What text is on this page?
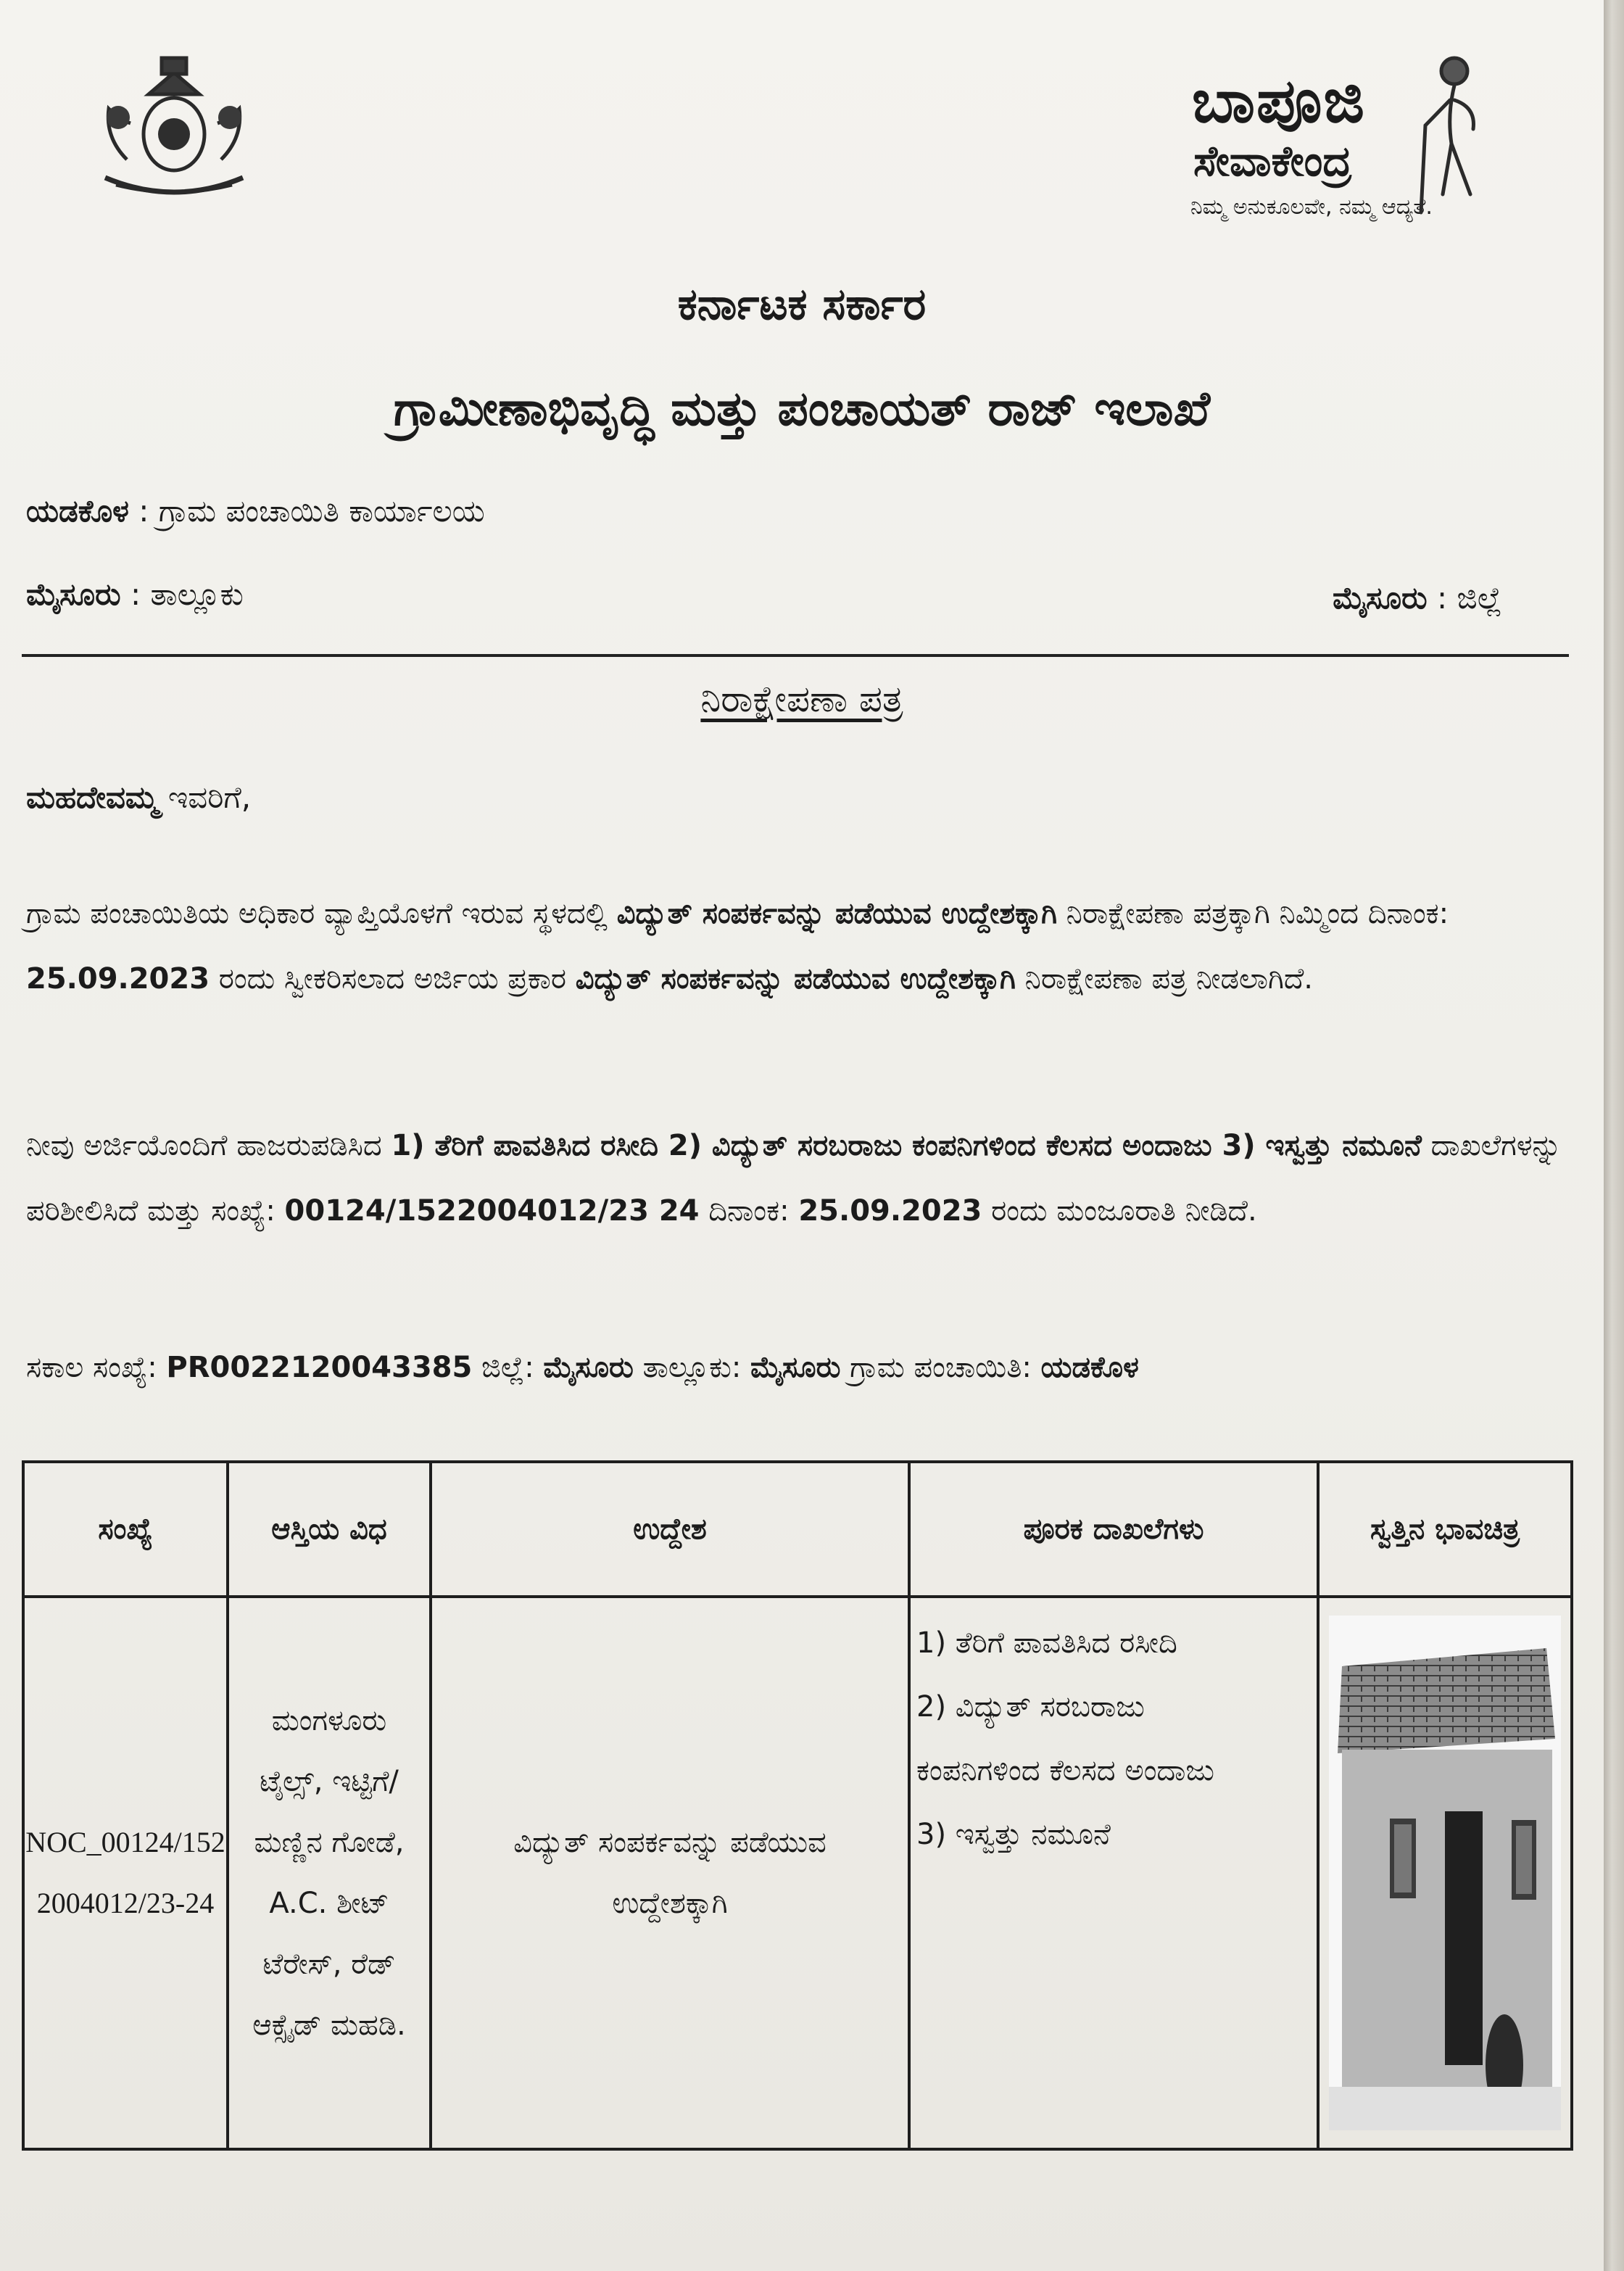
ಬಾಪೂಜಿ
ಸೇವಾಕೇಂದ್ರ
ನಿಮ್ಮ ಅನುಕೂಲವೇ, ನಮ್ಮ ಆದ್ಯತೆ.
ಕರ್ನಾಟಕ ಸರ್ಕಾರ
ಗ್ರಾಮೀಣಾಭಿವೃದ್ಧಿ ಮತ್ತು ಪಂಚಾಯತ್ ರಾಜ್ ಇಲಾಖೆ
ಯಡಕೊಳ : ಗ್ರಾಮ ಪಂಚಾಯಿತಿ ಕಾರ್ಯಾಲಯ
ಮೈಸೂರು : ತಾಲ್ಲೂಕು	ಮೈಸೂರು : ಜಿಲ್ಲೆ
ನಿರಾಕ್ಷೇಪಣಾ ಪತ್ರ
ಮಹದೇವಮ್ಮ ಇವರಿಗೆ,
ಗ್ರಾಮ ಪಂಚಾಯಿತಿಯ ಅಧಿಕಾರ ವ್ಯಾಪ್ತಿಯೊಳಗೆ ಇರುವ ಸ್ಥಳದಲ್ಲಿ ವಿದ್ಯುತ್ ಸಂಪರ್ಕವನ್ನು ಪಡೆಯುವ ಉದ್ದೇಶಕ್ಕಾಗಿ ನಿರಾಕ್ಷೇಪಣಾ ಪತ್ರಕ್ಕಾಗಿ ನಿಮ್ಮಿಂದ ದಿನಾಂಕ: 25.09.2023 ರಂದು ಸ್ವೀಕರಿಸಲಾದ ಅರ್ಜಿಯ ಪ್ರಕಾರ ವಿದ್ಯುತ್ ಸಂಪರ್ಕವನ್ನು ಪಡೆಯುವ ಉದ್ದೇಶಕ್ಕಾಗಿ ನಿರಾಕ್ಷೇಪಣಾ ಪತ್ರ ನೀಡಲಾಗಿದೆ.
ನೀವು ಅರ್ಜಿಯೊಂದಿಗೆ ಹಾಜರುಪಡಿಸಿದ 1) ತೆರಿಗೆ ಪಾವತಿಸಿದ ರಸೀದಿ 2) ವಿದ್ಯುತ್ ಸರಬರಾಜು ಕಂಪನಿಗಳಿಂದ ಕೆಲಸದ ಅಂದಾಜು 3) ಇಸ್ವತ್ತು ನಮೂನೆ ದಾಖಲೆಗಳನ್ನು ಪರಿಶೀಲಿಸಿದೆ ಮತ್ತು ಸಂಖ್ಯೆ: 00124/1522004012/23 24 ದಿನಾಂಕ: 25.09.2023 ರಂದು ಮಂಜೂರಾತಿ ನೀಡಿದೆ.
ಸಕಾಲ ಸಂಖ್ಯೆ: PR0022120043385 ಜಿಲ್ಲೆ: ಮೈಸೂರು ತಾಲ್ಲೂಕು: ಮೈಸೂರು ಗ್ರಾಮ ಪಂಚಾಯಿತಿ: ಯಡಕೊಳ
ಸಂಖ್ಯೆ	ಆಸ್ತಿಯ ವಿಧ	ಉದ್ದೇಶ	ಪೂರಕ ದಾಖಲೆಗಳು	ಸ್ವತ್ತಿನ ಭಾವಚಿತ್ರ
NOC_00124/1522004012/23-24	ಮಂಗಳೂರು ಟೈಲ್ಸ್, ಇಟ್ಟಿಗೆ/ ಮಣ್ಣಿನ ಗೋಡೆ, A.C. ಶೀಟ್ ಟೆರೇಸ್, ರೆಡ್ ಆಕ್ಸೈಡ್ ಮಹಡಿ.	ವಿದ್ಯುತ್ ಸಂಪರ್ಕವನ್ನು ಪಡೆಯುವ ಉದ್ದೇಶಕ್ಕಾಗಿ	1) ತೆರಿಗೆ ಪಾವತಿಸಿದ ರಸೀದಿ
2) ವಿದ್ಯುತ್ ಸರಬರಾಜು
ಕಂಪನಿಗಳಿಂದ ಕೆಲಸದ ಅಂದಾಜು
3) ಇಸ್ವತ್ತು ನಮೂನೆ
